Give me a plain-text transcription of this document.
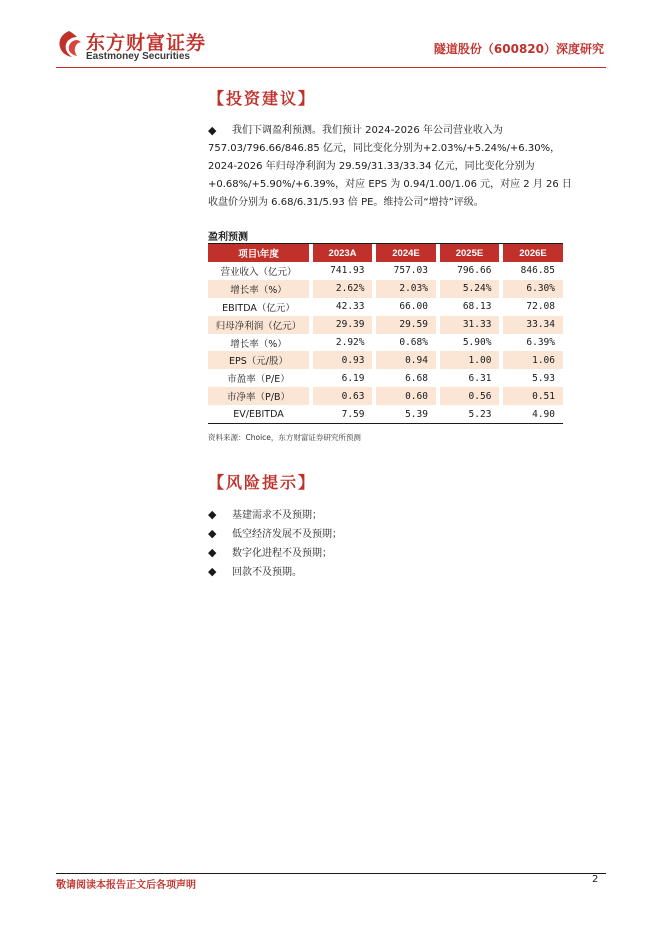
东方财富证券
Eastmoney Securities
隧道股份（600820）深度研究
【投资建议】
◆	我们下调盈利预测。我们预计 2024-2026 年公司营业收入为
757.03/796.66/846.85 亿元，同比变化分别为+2.03%/+5.24%/+6.30%，
2024-2026 年归母净利润为 29.59/31.33/33.34 亿元，同比变化分别为
+0.68%/+5.90%/+6.39%，对应 EPS 为 0.94/1.00/1.06 元，对应 2 月 26 日
收盘价分别为 6.68/6.31/5.93 倍 PE。维持公司“增持”评级。
盈利预测
项目\年度		2023A		2024E		2025E		2026E
营业收入（亿元）		741.93		757.03		796.66		846.85
增长率（%）		2.62%		2.03%		5.24%		6.30%
EBITDA（亿元）		42.33		66.00		68.13		72.08
归母净利润（亿元）		29.39		29.59		31.33		33.34
增长率（%）		2.92%		0.68%		5.90%		6.39%
EPS（元/股）		0.93		0.94		1.00		1.06
市盈率（P/E）		6.19		6.68		6.31		5.93
市净率（P/B）		0.63		0.60		0.56		0.51
EV/EBITDA		7.59		5.39		5.23		4.90
资料来源：Choice，东方财富证券研究所预测
【风险提示】
◆ 基建需求不及预期；
◆ 低空经济发展不及预期；
◆ 数字化进程不及预期；
◆ 回款不及预期。
敬请阅读本报告正文后各项声明
2
